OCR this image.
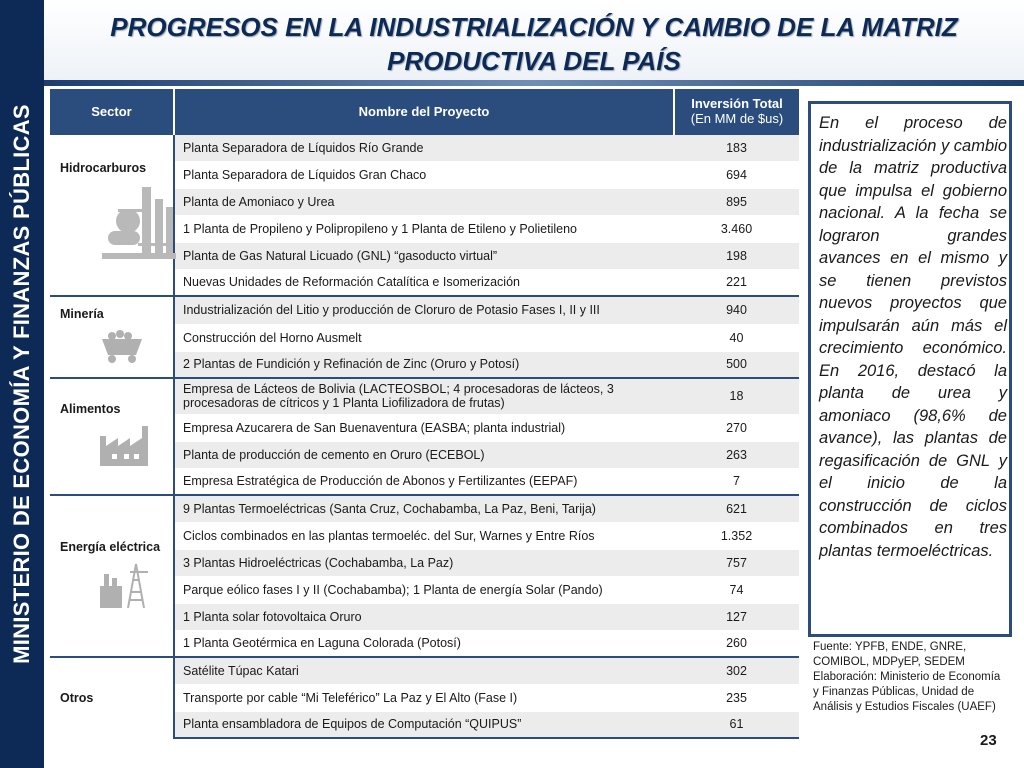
MINISTERIO DE ECONOMÍA Y FINANZAS PÚBLICAS
PROGRESOS EN LA INDUSTRIALIZACIÓN Y CAMBIO DE LA MATRIZ
PRODUCTIVA DEL PAÍS
Sector	Nombre del Proyecto	Inversión Total
(En MM de $us)

Hidrocarburos	Planta Separadora de Líquidos Río Grande	183
	Planta Separadora de Líquidos Gran Chaco	694
	Planta de Amoniaco y Urea	895
	1 Planta de Propileno y Polipropileno y 1 Planta de Etileno y Polietileno	3.460
	Planta de Gas Natural Licuado (GNL) “gasoducto virtual”	198
	Nuevas Unidades de Reformación Catalítica e Isomerización	221

Minería	Industrialización del Litio y producción de Cloruro de Potasio Fases I, II y III	940
	Construcción del Horno Ausmelt	40
	2 Plantas de Fundición y Refinación de Zinc (Oruro y Potosí)	500

Alimentos	Empresa de Lácteos de Bolivia (LACTEOSBOL; 4 procesadoras de lácteos, 3 procesadoras de cítricos y 1 Planta Liofilizadora de frutas)	18
	Empresa Azucarera de San Buenaventura (EASBA; planta industrial)	270
	Planta de producción de cemento en Oruro (ECEBOL)	263
	Empresa Estratégica de Producción de Abonos y Fertilizantes (EEPAF)	7

Energía eléctrica	9 Plantas Termoeléctricas (Santa Cruz, Cochabamba, La Paz, Beni, Tarija)	621
	Ciclos combinados en las plantas termoeléc. del Sur, Warnes y Entre Ríos	1.352
	3 Plantas Hidroeléctricas (Cochabamba, La Paz)	757
	Parque eólico fases I y II (Cochabamba); 1 Planta de energía Solar (Pando)	74
	1 Planta solar fotovoltaica Oruro	127
	1 Planta Geotérmica en Laguna Colorada (Potosí)	260

Otros	Satélite Túpac Katari	302
	Transporte por cable “Mi Teleférico” La Paz y El Alto (Fase I)	235
	Planta ensambladora de Equipos de Computación “QUIPUS”	61

En el proceso de industrialización y cambio de la matriz productiva que impulsa el gobierno nacional. A la fecha se lograron grandes avances en el mismo y se tienen previstos nuevos proyectos que impulsarán aún más el crecimiento económico. En 2016, destacó la planta de urea y amoniaco (98,6% de avance), las plantas de regasificación de GNL y el inicio de la construcción de ciclos combinados en tres plantas termoeléctricas.

Fuente: YPFB, ENDE, GNRE, COMIBOL, MDPyEP, SEDEM
Elaboración: Ministerio de Economía y Finanzas Públicas, Unidad de Análisis y Estudios Fiscales (UAEF)
23
